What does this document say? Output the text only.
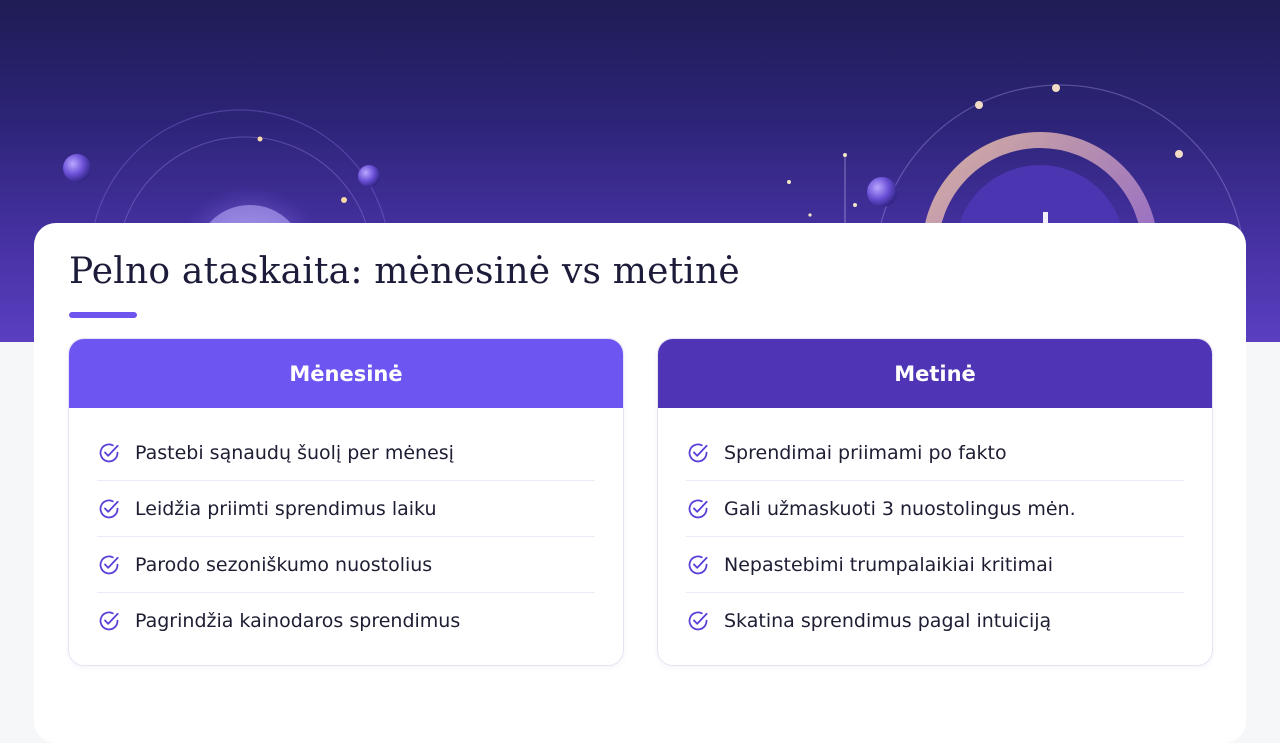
Pelno ataskaita: mėnesinė vs metinė
Mėnesinė
Pastebi sąnaudų šuolį per mėnesį
Leidžia priimti sprendimus laiku
Parodo sezoniškumo nuostolius
Pagrindžia kainodaros sprendimus
Metinė
Sprendimai priimami po fakto
Gali užmaskuoti 3 nuostolingus mėn.
Nepastebimi trumpalaikiai kritimai
Skatina sprendimus pagal intuiciją
